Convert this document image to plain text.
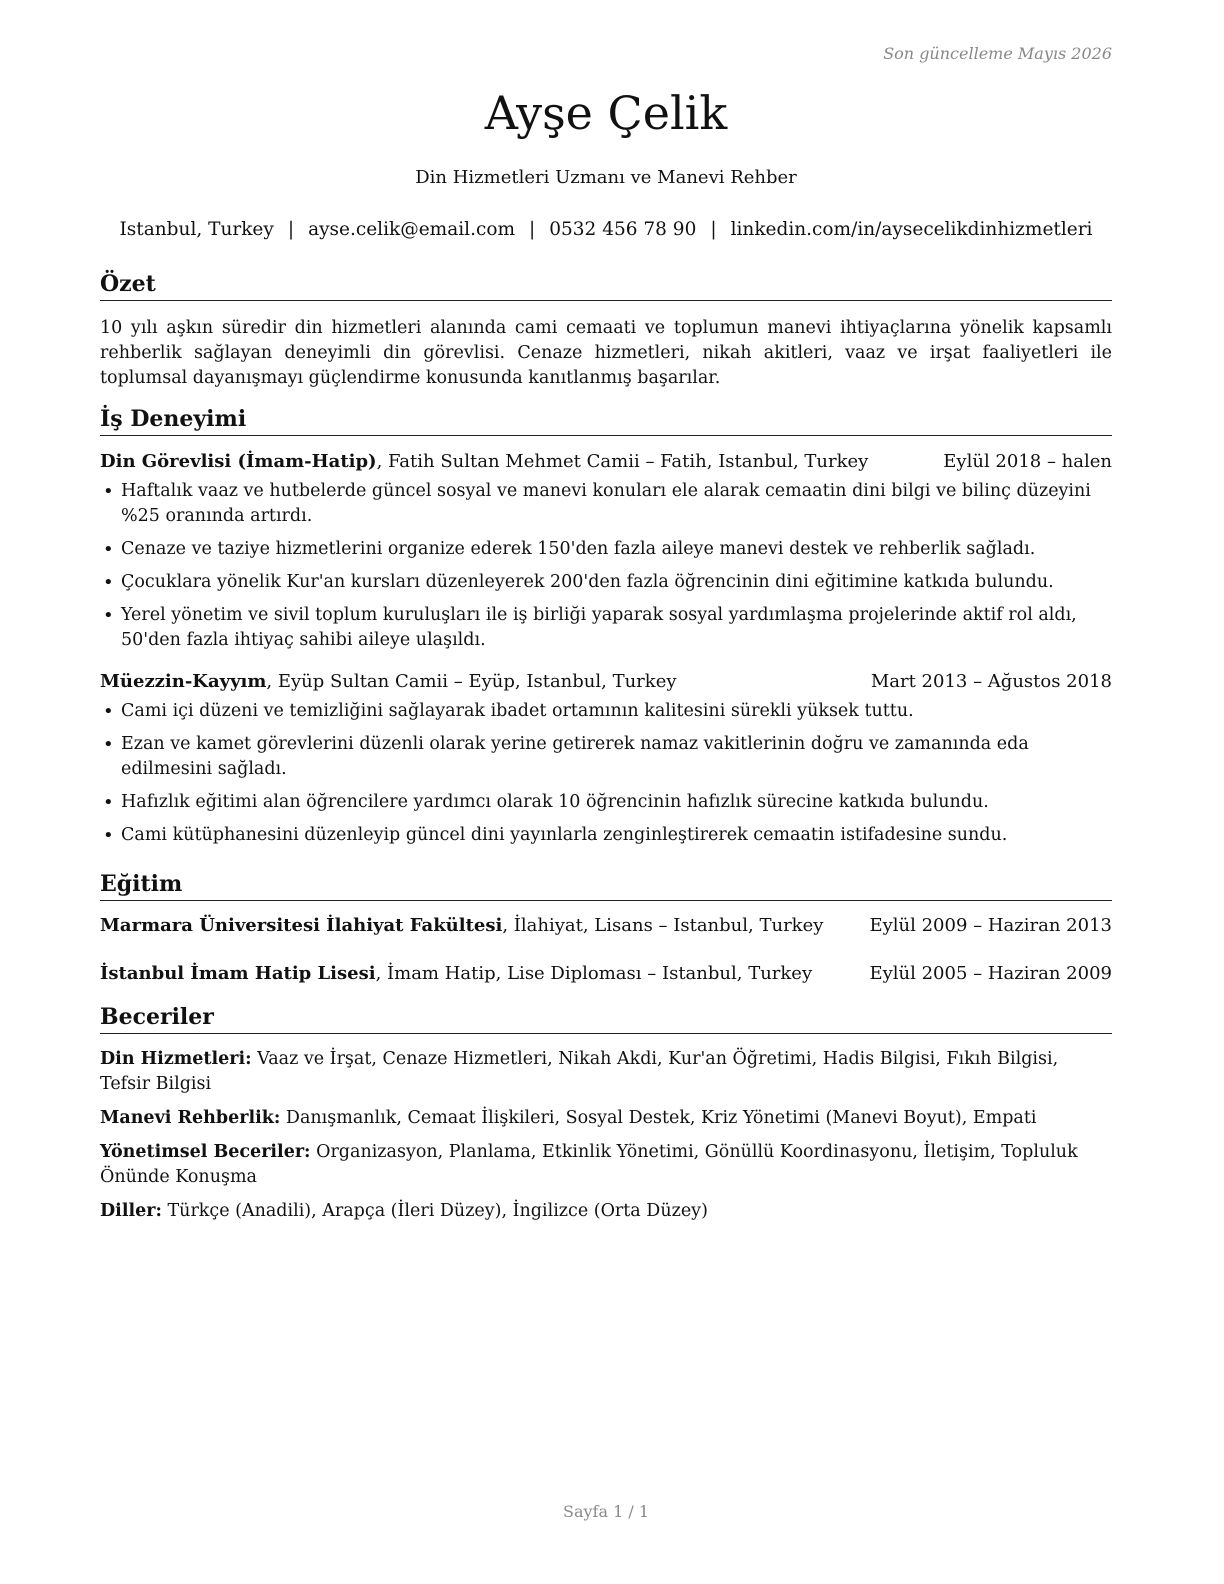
Son güncelleme Mayıs 2026
Ayşe Çelik
Din Hizmetleri Uzmanı ve Manevi Rehber
Istanbul, Turkey | ayse.celik@email.com | 0532 456 78 90 | linkedin.com/in/aysecelikdinhizmetleri
Özet
10 yılı aşkın süredir din hizmetleri alanında cami cemaati ve toplumun manevi ihtiyaçlarına yönelik kapsamlı rehberlik sağlayan deneyimli din görevlisi. Cenaze hizmetleri, nikah akitleri, vaaz ve irşat faaliyetleri ile toplumsal dayanışmayı güçlendirme konusunda kanıtlanmış başarılar.
İş Deneyimi
Din Görevlisi (İmam-Hatip), Fatih Sultan Mehmet Camii – Fatih, Istanbul, Turkey	Eylül 2018 – halen
• Haftalık vaaz ve hutbelerde güncel sosyal ve manevi konuları ele alarak cemaatin dini bilgi ve bilinç düzeyini %25 oranında artırdı.
• Cenaze ve taziye hizmetlerini organize ederek 150'den fazla aileye manevi destek ve rehberlik sağladı.
• Çocuklara yönelik Kur'an kursları düzenleyerek 200'den fazla öğrencinin dini eğitimine katkıda bulundu.
• Yerel yönetim ve sivil toplum kuruluşları ile iş birliği yaparak sosyal yardımlaşma projelerinde aktif rol aldı, 50'den fazla ihtiyaç sahibi aileye ulaşıldı.
Müezzin-Kayyım, Eyüp Sultan Camii – Eyüp, Istanbul, Turkey	Mart 2013 – Ağustos 2018
• Cami içi düzeni ve temizliğini sağlayarak ibadet ortamının kalitesini sürekli yüksek tuttu.
• Ezan ve kamet görevlerini düzenli olarak yerine getirerek namaz vakitlerinin doğru ve zamanında eda edilmesini sağladı.
• Hafızlık eğitimi alan öğrencilere yardımcı olarak 10 öğrencinin hafızlık sürecine katkıda bulundu.
• Cami kütüphanesini düzenleyip güncel dini yayınlarla zenginleştirerek cemaatin istifadesine sundu.
Eğitim
Marmara Üniversitesi İlahiyat Fakültesi, İlahiyat, Lisans – Istanbul, Turkey	Eylül 2009 – Haziran 2013
İstanbul İmam Hatip Lisesi, İmam Hatip, Lise Diploması – Istanbul, Turkey	Eylül 2005 – Haziran 2009
Beceriler
Din Hizmetleri: Vaaz ve İrşat, Cenaze Hizmetleri, Nikah Akdi, Kur'an Öğretimi, Hadis Bilgisi, Fıkıh Bilgisi, Tefsir Bilgisi
Manevi Rehberlik: Danışmanlık, Cemaat İlişkileri, Sosyal Destek, Kriz Yönetimi (Manevi Boyut), Empati
Yönetimsel Beceriler: Organizasyon, Planlama, Etkinlik Yönetimi, Gönüllü Koordinasyonu, İletişim, Topluluk Önünde Konuşma
Diller: Türkçe (Anadili), Arapça (İleri Düzey), İngilizce (Orta Düzey)
Sayfa 1 / 1
